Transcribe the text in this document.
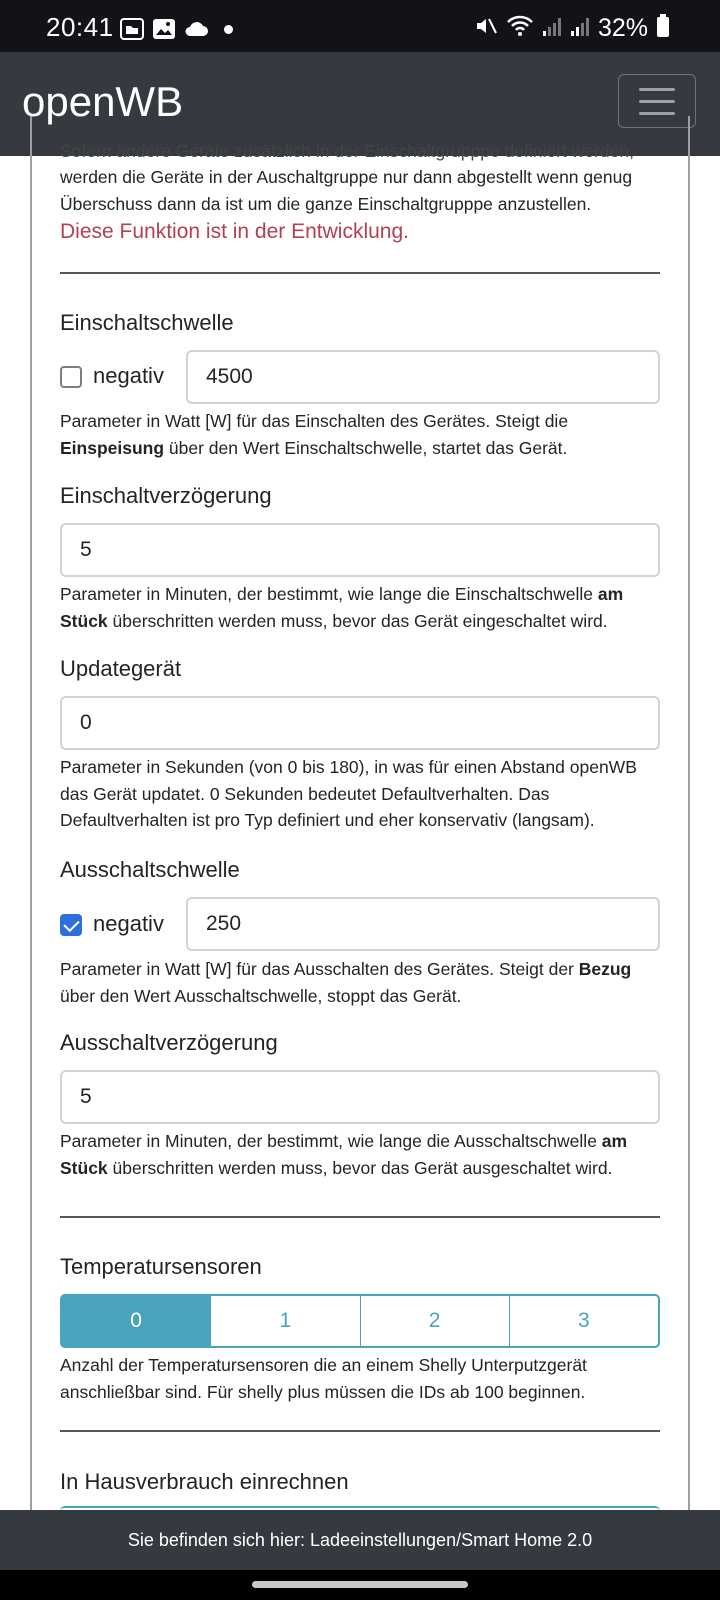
20:41	32%
openWB
Sofern andere Geräte zusätzlich in der Einschaltgrupppe definiert werden,
werden die Geräte in der Auschaltgruppe nur dann abgestellt wenn genug Überschuss dann da ist um die ganze Einschaltgrupppe anzustellen.
Diese Funktion ist in der Entwicklung.
Einschaltschwelle
negativ	4500
Parameter in Watt [W] für das Einschalten des Gerätes. Steigt die Einspeisung über den Wert Einschaltschwelle, startet das Gerät.
Einschaltverzögerung
5
Parameter in Minuten, der bestimmt, wie lange die Einschaltschwelle am Stück überschritten werden muss, bevor das Gerät eingeschaltet wird.
Updategerät
0
Parameter in Sekunden (von 0 bis 180), in was für einen Abstand openWB das Gerät updatet. 0 Sekunden bedeutet Defaultverhalten. Das Defaultverhalten ist pro Typ definiert und eher konservativ (langsam).
Ausschaltschwelle
negativ	250
Parameter in Watt [W] für das Ausschalten des Gerätes. Steigt der Bezug über den Wert Ausschaltschwelle, stoppt das Gerät.
Ausschaltverzögerung
5
Parameter in Minuten, der bestimmt, wie lange die Ausschaltschwelle am Stück überschritten werden muss, bevor das Gerät ausgeschaltet wird.
Temperatursensoren
0	1	2	3
Anzahl der Temperatursensoren die an einem Shelly Unterputzgerät anschließbar sind. Für shelly plus müssen die IDs ab 100 beginnen.
In Hausverbrauch einrechnen
Sie befinden sich hier: Ladeeinstellungen/Smart Home 2.0
